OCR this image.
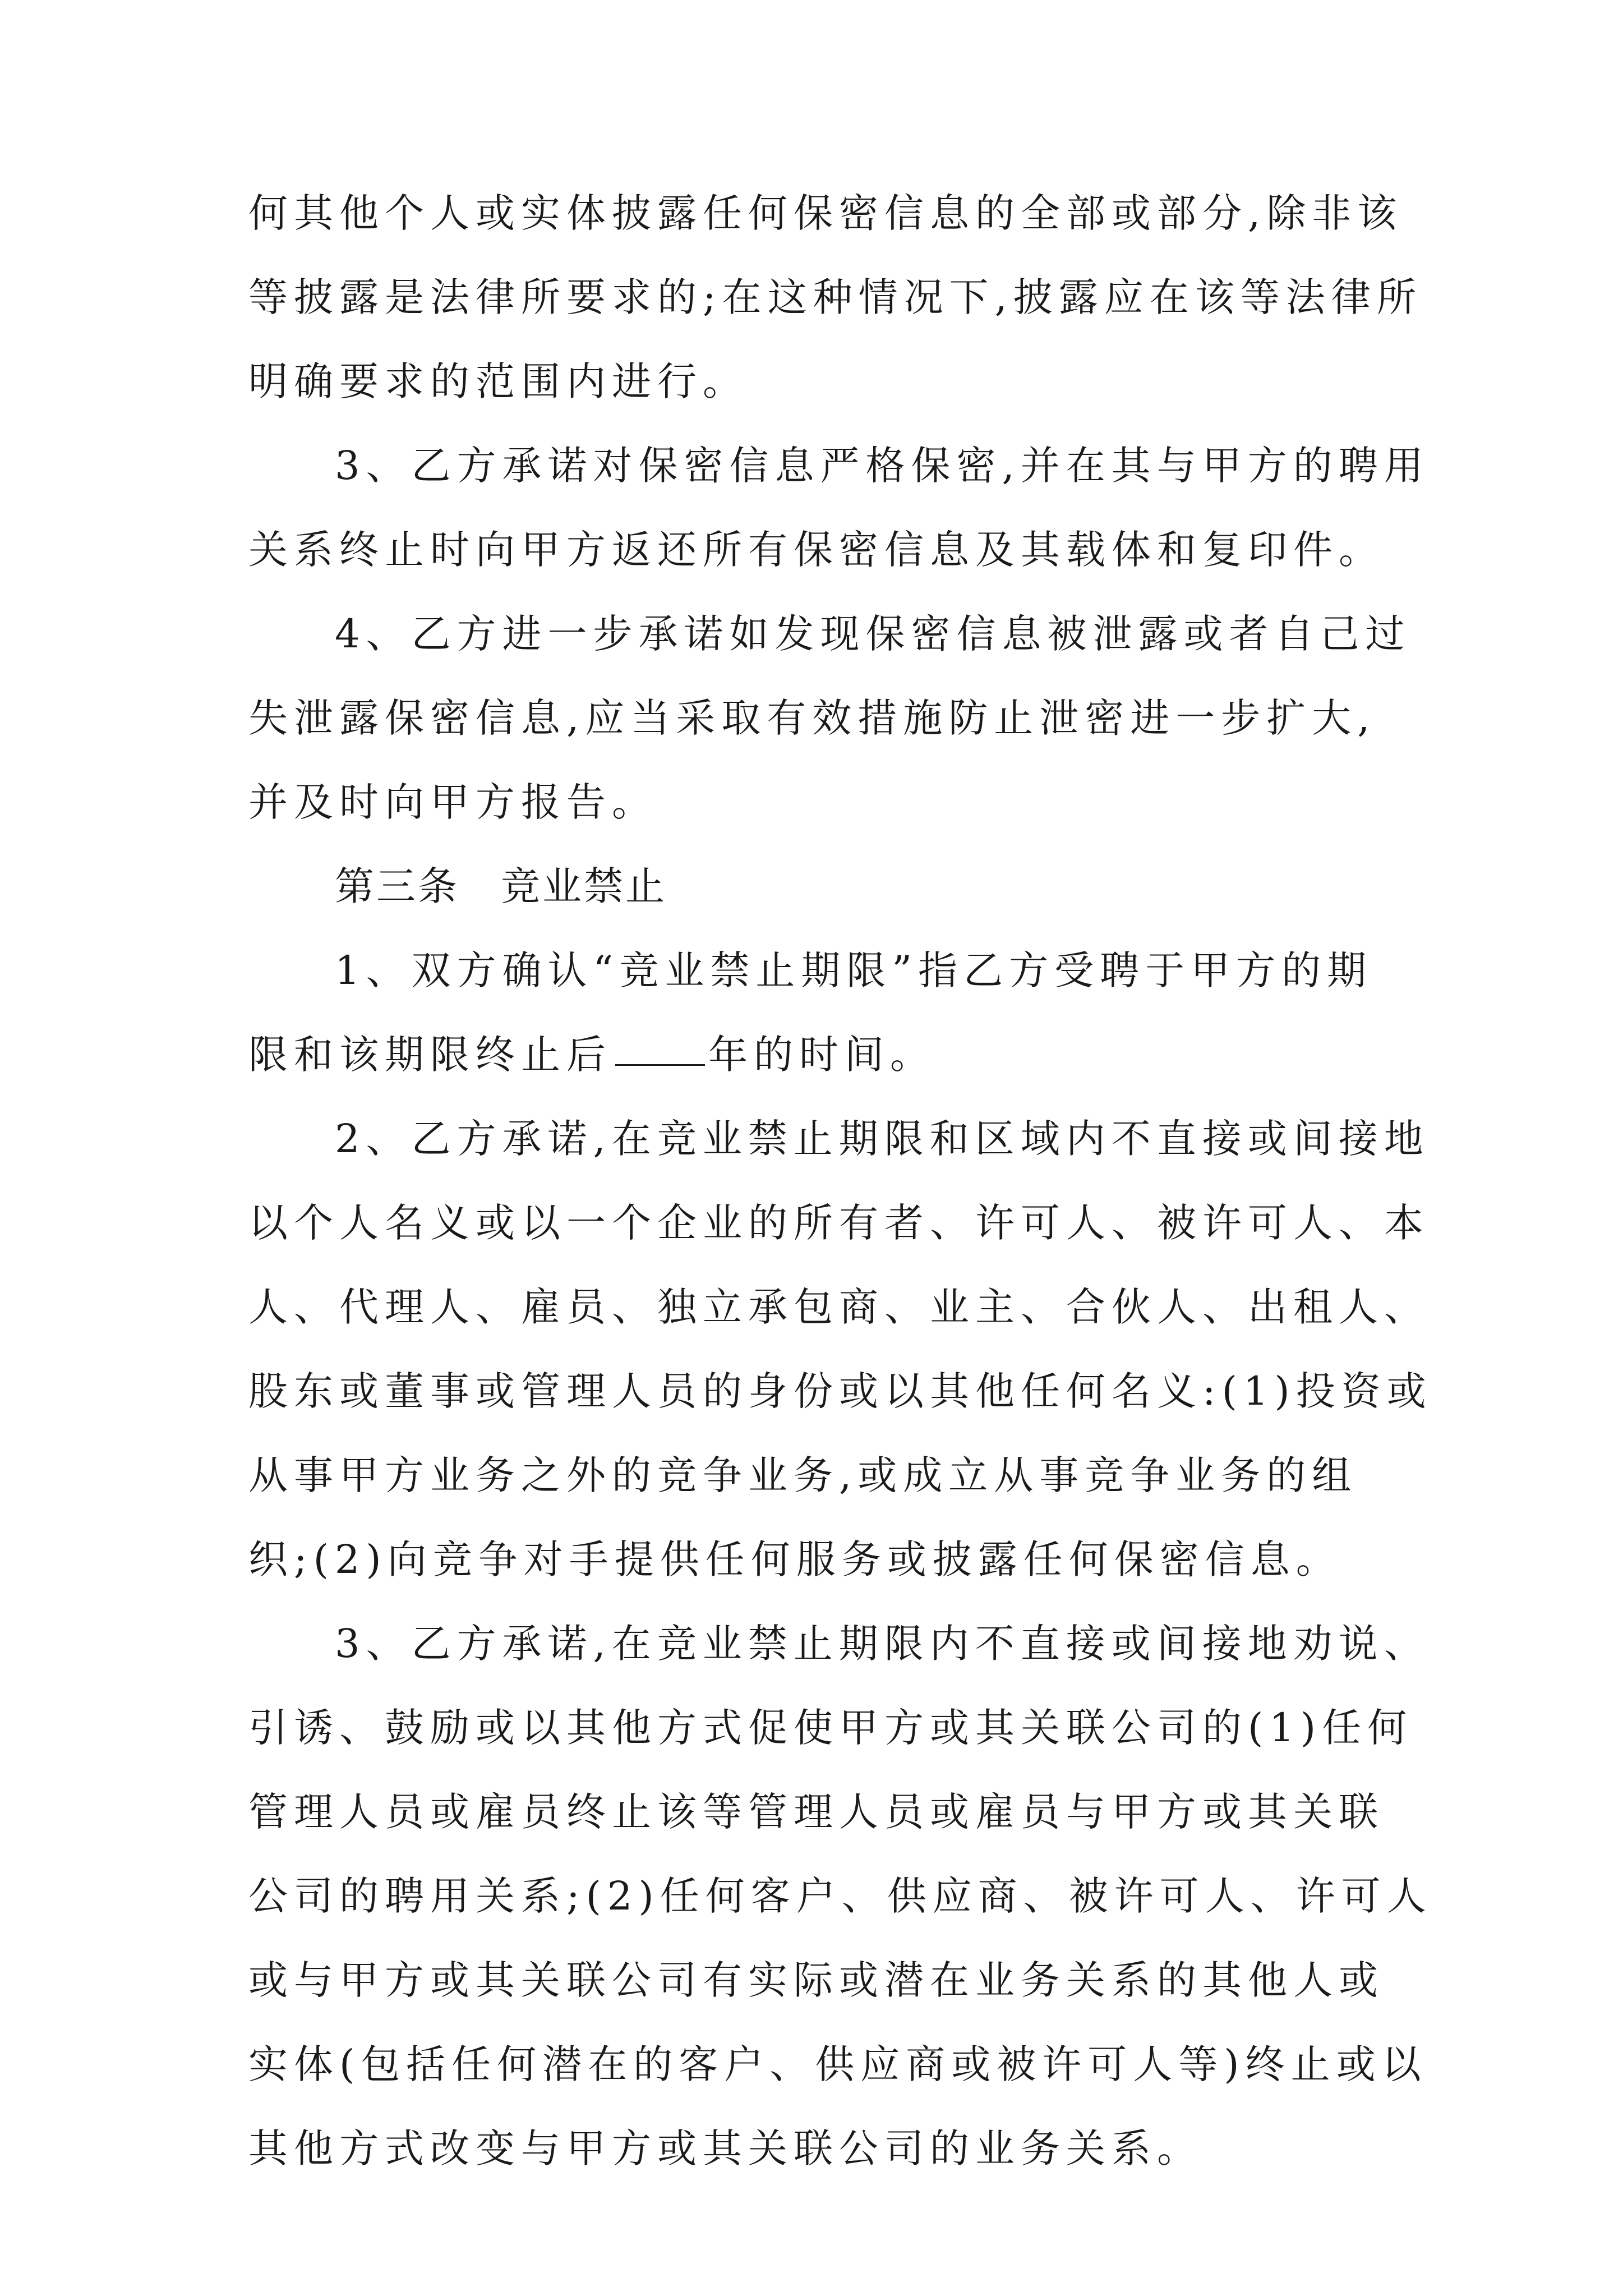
何其他个人或实体披露任何保密信息的全部或部分,除非该
等披露是法律所要求的;在这种情况下,披露应在该等法律所
明确要求的范围内进行。
3、乙方承诺对保密信息严格保密,并在其与甲方的聘用
关系终止时向甲方返还所有保密信息及其载体和复印件。
4、乙方进一步承诺如发现保密信息被泄露或者自己过
失泄露保密信息,应当采取有效措施防止泄密进一步扩大,
并及时向甲方报告。
第三条　竞业禁止
1、双方确认“竞业禁止期限”指乙方受聘于甲方的期
限和该期限终止后 年的时间。
2、乙方承诺,在竞业禁止期限和区域内不直接或间接地
以个人名义或以一个企业的所有者、许可人、被许可人、本
人、代理人、雇员、独立承包商、业主、合伙人、出租人、
股东或董事或管理人员的身份或以其他任何名义:(1)投资或
从事甲方业务之外的竞争业务,或成立从事竞争业务的组
织;(2)向竞争对手提供任何服务或披露任何保密信息。
3、乙方承诺,在竞业禁止期限内不直接或间接地劝说、
引诱、鼓励或以其他方式促使甲方或其关联公司的(1)任何
管理人员或雇员终止该等管理人员或雇员与甲方或其关联
公司的聘用关系;(2)任何客户、供应商、被许可人、许可人
或与甲方或其关联公司有实际或潜在业务关系的其他人或
实体(包括任何潜在的客户、供应商或被许可人等)终止或以
其他方式改变与甲方或其关联公司的业务关系。
